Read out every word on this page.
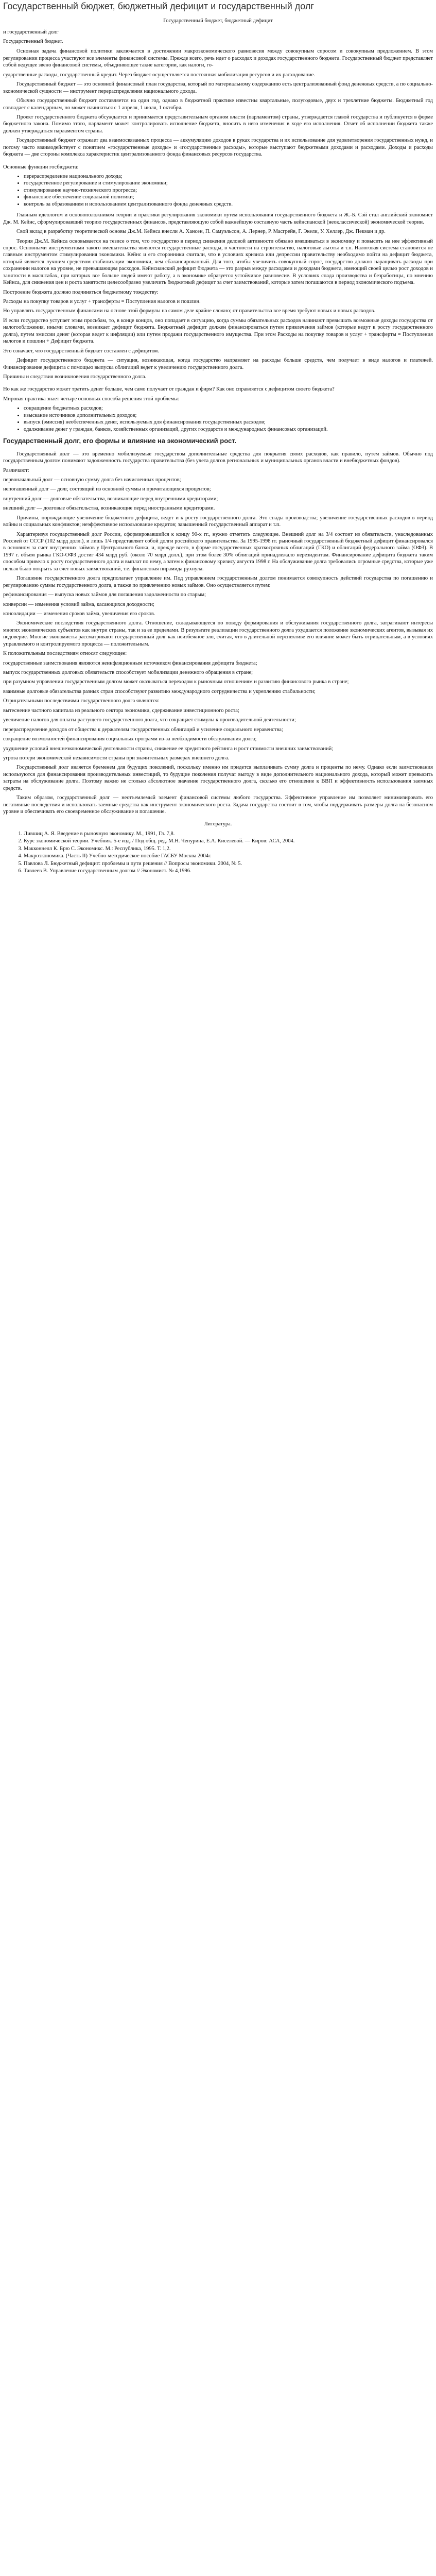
Государственный бюджет, бюджетный дефицит и государственный долг

Государственный бюджет, бюджетный дефицит

и государственный долг

Государственный бюджет.

Основная задача финансовой политики заключается в достижении макроэкономического равновесия между совокупным спросом и совокупным предложением. В этом регулировании процесса участвуют все элементы финансовой системы. Прежде всего, речь идет о расходах и доходах государственного бюджета. Государственный бюджет представляет собой ведущее звено финансовой системы, объединяющее такие категории, как налоги, го-

сударственные расходы, государственный кредит. Через бюджет осуществляется постоянная мобилизация ресурсов и их расходование.

Государственный бюджет — это основной финансовый план государства, который по материальному содержанию есть централизованный фонд денежных средств, а по социально-экономической сущности — инструмент перераспределения национального дохода.

Обычно государственный бюджет составляется на один год, однако в бюджетной практике известны квартальные, полугодовые, двух и трехлетние бюджеты. Бюджетный год совпадает с календарным, но может начинаться с 1 апреля, 1 июля, 1 октября.

Проект государственного бюджета обсуждается и принимается представительным органом власти (парламентом) страны, утверждается главой государства и публикуется в форме бюджетного закона. Помимо этого, парламент может контролировать исполнение бюджета, вносить в него изменения в ходе его исполнения. Отчет об исполнении бюджета также должен утверждаться парламентом страны.

Государственный бюджет отражает два взаимосвязанных процесса — аккумуляцию доходов в руках государства и их использование для удовлетворения государственных нужд, и потому часто взаимодействует с понятием «государственные доходы» и «государственные расходы», которые выступают бюджетными доходами и расходами. Доходы и расходы бюджета — две стороны комплекса характеристик централизованного фонда финансовых ресурсов государства.

Основные функции госбюджета:

• перераспределение национального дохода;
• государственное регулирование и стимулирование экономики;
• стимулирование научно-технического прогресса;
• финансовое обеспечение социальной политики;
• контроль за образованием и использованием централизованного фонда денежных средств.

Главным идеологом и основоположником теории и практики регулирования экономики путем использования государственного бюджета и Ж.-Б. Сэй стал английский экономист Дж. М. Кейнс, сформулировавший теорию государственных финансов, представляющую собой важнейшую составную часть кейнсианской (неоклассической) экономической теории.

Свой вклад в разработку теоретической основы Дж.М. Кейнса внесли А. Хансен, П. Самуэльсон, А. Лернер, Р. Масгрейв, Г. Экели, У. Хеллер, Дж. Пекман и др.

Теория Дж.М. Кейнса основывается на тезисе о том, что государство в период снижения деловой активности обязано вмешиваться в экономику и повысить на нее эффективный спрос. Основными инструментами такого вмешательства являются государственные расходы, в частности на строительство, налоговые льготы и т.п. Налоговая система становится не главным инструментом стимулирования экономики. Кейнс и его сторонники считали, что в условиях кризиса или депрессии правительству необходимо пойти на дефицит бюджета, который является лучшим средством стабилизации экономики, чем сбалансированный. Для того, чтобы увеличить совокупный спрос, государство должно наращивать расходы при сохранении налогов на уровне, не превышающем расходов. Кейнсианский дефицит бюджета — это разрыв между расходами и доходами бюджета, имеющий своей целью рост доходов и занятости в масштабах, при которых все больше людей имеют работу, а в экономике образуется устойчивое равновесие. В условиях спада производства и безработицы, по мнению Кейнса, для снижения цен и роста занятости целесообразно увеличить бюджетный дефицит за счет заимствований, которые затем погашаются в период экономического подъема.

Построение бюджета должно подчиняться бюджетному тождеству:

Расходы на покупку товаров и услуг + трансферты = Поступления налогов и пошлин.

Но управлять государственным финансами на основе этой формулы на самом деле крайне сложно; от правительства все время требуют новых и новых расходов.

И если государство уступает этим просьбам, то, в конце концов, оно попадает в ситуацию, когда суммы обязательных расходов начинают превышать возможные доходы государства от налогообложения, иными словами, возникает дефицит бюджета. Бюджетный дефицит должен финансироваться путем привлечения займов (которые ведут к росту государственного долга), путем эмиссии денег (которая ведет к инфляции) или путем продажи государственного имущества. При этом Расходы на покупку товаров и услуг + трансферты = Поступления налогов и пошлин + Дефицит бюджета.

Это означает, что государственный бюджет составлен с дефицитом.

Дефицит государственного бюджета — ситуация, возникающая, когда государство направляет на расходы больше средств, чем получает в виде налогов и платежей. Финансирование дефицита с помощью выпуска облигаций ведет к увеличению государственного долга.

Причины и следствия возникновения государственного долга.

Но как же государство может тратить денег больше, чем само получает от граждан и фирм? Как оно справляется с дефицитом своего бюджета?

Мировая практика знает четыре основных способа решения этой проблемы:

• сокращение бюджетных расходов;
• изыскание источников дополнительных доходов;
• выпуск (эмиссия) необеспеченных денег, используемых для финансирования государственных расходов;
• одалживание денег у граждан, банков, хозяйственных организаций, других государств и международных финансовых организаций.
Государственный долг, его формы и влияние на экономический рост.

Государственный долг — это временно мобилизуемые государством дополнительные средства для покрытия своих расходов, как правило, путем займов. Обычно под государственным долгом понимают задолженность государства правительства (без учета долгов региональных и муниципальных органов власти и внебюджетных фондов).

Различают:

первоначальный долг — основную сумму долга без начисленных процентов;

непогашенный долг — долг, состоящий из основной суммы и причитающихся процентов;

внутренний долг — долговые обязательства, возникающие перед внутренними кредиторами;

внешний долг — долговые обязательства, возникающие перед иностранными кредиторами.

Причины, порождающие увеличение бюджетного дефицита, ведут и к росту государственного долга. Это спады производства; увеличение государственных расходов в период войны и социальных конфликтов; неэффективное использование кредитов; завышенный государственный аппарат и т.п.

Характеризуя государственный долг России, сформировавшийся к концу 90-х гг., нужно отметить следующее. Внешний долг на 3/4 состоит из обязательств, унаследованных Россией от СССР (102 млрд долл.), и лишь 1/4 представляет собой долги российского правительства. За 1995-1998 гг. рыночный государственный бюджетный дефицит финансировался в основном за счет внутренних займов у Центрального банка, и, прежде всего, в форме государственных краткосрочных облигаций (ГКО) и облигаций федерального займа (ОФЗ). В 1997 г. объем рынка ГКО-ОФЗ достиг 434 млрд руб. (около 70 млрд долл.), при этом более 30% облигаций принадлежало нерезидентам. Финансирование дефицита бюджета таким способом привело к росту государственного долга и выплат по нему, а затем к финансовому кризису августа 1998 г. На обслуживание долга требовались огромные средства, которые уже нельзя было покрыть за счет новых заимствований, т.е. финансовая пирамида рухнула.

Погашение государственного долга предполагает управление им. Под управлением государственным долгом понимается совокупность действий государства по погашению и регулированию суммы государственного долга, а также по привлечению новых займов. Оно осуществляется путем:

рефинансирования — выпуска новых займов для погашения задолженности по старым;

конверсии — изменения условий займа, касающихся доходности;

консолидации — изменения сроков займа, увеличения его сроков.

Экономические последствия государственного долга. Отношение, складывающееся по поводу формирования и обслуживания государственного долга, затрагивают интересы многих экономических субъектов как внутри страны, так и за ее пределами. В результате реализации государственного долга ухудшается положение экономических агентов, вызывая их недоверие. Многие экономисты рассматривают государственный долг как неизбежное зло, считая, что в длительной перспективе его влияние может быть отрицательным, а в условиях управляемого и контролируемого процесса — положительным.

К положительным последствиям относят следующее:

государственные заимствования являются неинфляционным источником финансирования дефицита бюджета;

выпуск государственных долговых обязательств способствует мобилизации денежного обращения в стране;

при разумном управлении государственным долгом может оказываться переходом к рыночным отношениям и развитию финансового рынка в стране;

взаимные долговые обязательства разных стран способствуют развитию международного сотрудничества и укреплению стабильности;

Отрицательными последствиями государственного долга являются:

вытеснение частного капитала из реального сектора экономики, сдерживание инвестиционного роста;

увеличение налогов для оплаты растущего государственного долга, что сокращает стимулы к производительной деятельности;

перераспределение доходов от общества к держателям государственных облигаций и усиление социального неравенства;

сокращение возможностей финансирования социальных программ из-за необходимости обслуживания долга;

ухудшение условий внешнеэкономической деятельности страны, снижение ее кредитного рейтинга и рост стоимости внешних заимствований;

угроза потери экономической независимости страны при значительных размерах внешнего долга.

Государственный долг является бременем для будущих поколений, поскольку именно им придется выплачивать сумму долга и проценты по нему. Однако если заимствования используются для финансирования производительных инвестиций, то будущие поколения получат выгоду в виде дополнительного национального дохода, который может превысить затраты на обслуживание долга. Поэтому важно не столько абсолютное значение государственного долга, сколько его отношение к ВВП и эффективность использования заемных средств.

Таким образом, государственный долг — неотъемлемый элемент финансовой системы любого государства. Эффективное управление им позволяет минимизировать его негативные последствия и использовать заемные средства как инструмент экономического роста. Задача государства состоит в том, чтобы поддерживать размеры долга на безопасном уровне и обеспечивать его своевременное обслуживание и погашение.

Литература.

1. Лившиц А. Я. Введение в рыночную экономику. М., 1991, Гл. 7,8.
2. Курс экономической теории. Учебник. 5-е изд. / Под общ. ред. М.Н. Чепурина, Е.А. Киселевой. — Киров: АСА, 2004.
3. Макконнелл К. Брю С. Экономикс. М.: Республика, 1995. Т. 1,2.
4. Макроэкономика. (Часть II) Учебно-методическое пособие ГАСБУ Москва 2004г.
5. Павлова Л. Бюджетный дефицит: проблемы и пути решения // Вопросы экономики. 2004, № 5.
6. Тавлеев В. Управление государственным долгом // Экономист. № 4,1996.
